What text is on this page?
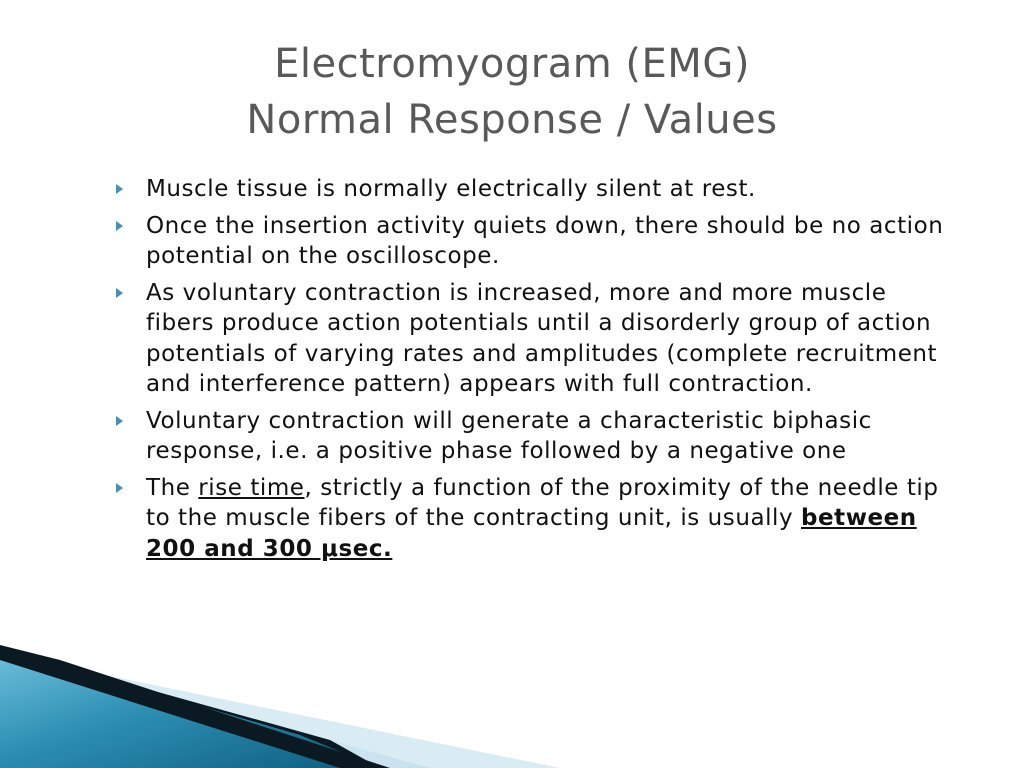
Electromyogram (EMG)
Normal Response / Values
Muscle tissue is normally electrically silent at rest.
Once the insertion activity quiets down, there should be no action potential on the oscilloscope.
As voluntary contraction is increased, more and more muscle fibers produce action potentials until a disorderly group of action potentials of varying rates and amplitudes (complete recruitment and interference pattern) appears with full contraction.
Voluntary contraction will generate a characteristic biphasic response, i.e. a positive phase followed by a negative one
The rise time, strictly a function of the proximity of the needle tip to the muscle fibers of the contracting unit, is usually between 200 and 300 μsec.
